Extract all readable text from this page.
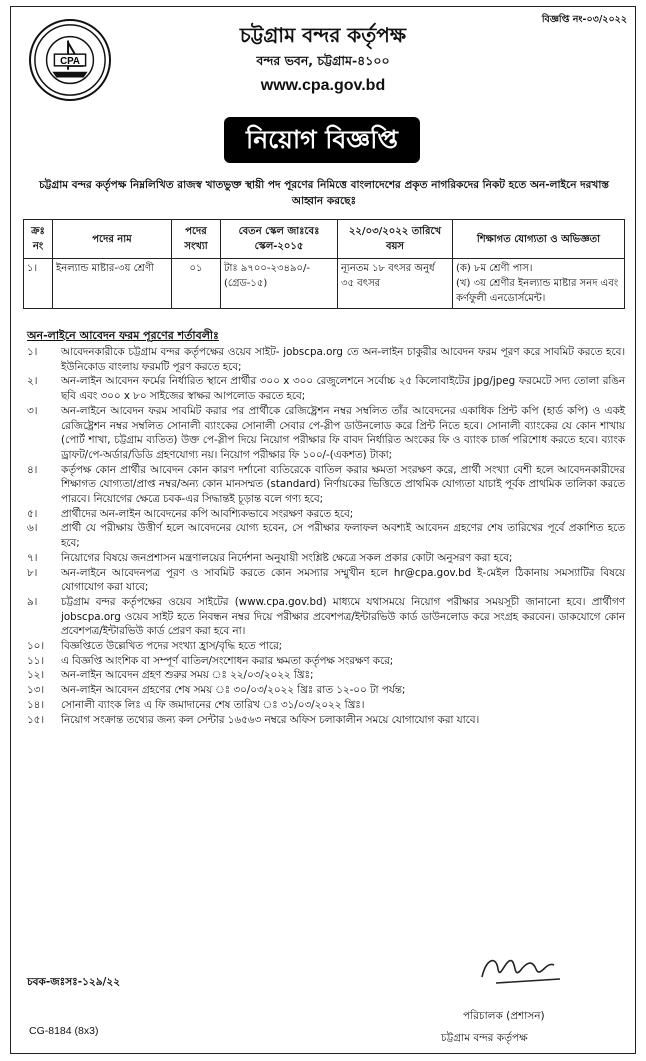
বিজ্ঞপ্তি নং-০৩/২০২২
CPA
চট্টগ্রাম বন্দর কর্তৃপক্ষ
বন্দর ভবন, চট্টগ্রাম-৪১০০
www.cpa.gov.bd
নিয়োগ বিজ্ঞপ্তি
চট্টগ্রাম বন্দর কর্তৃপক্ষ নিম্নলিখিত রাজস্ব খাতভুক্ত স্থায়ী পদ পূরণের নিমিত্তে বাংলাদেশের প্রকৃত নাগরিকদের নিকট হতে অন-লাইনে দরখাস্ত আহ্বান করছেঃ
ক্রঃ নং	পদের নাম	পদের সংখ্যা	বেতন স্কেল জাঃবেঃ স্কেল-২০১৫	২২/০৩/২০২২ তারিখে বয়স	শিক্ষাগত যোগ্যতা ও অভিজ্ঞতা
১।	ইনল্যান্ড মাষ্টার-৩য় শ্রেণী	০১	টাঃ ৯৭০০-২৩৪৯০/-(গ্রেড-১৫)	ন্যূনতম ১৮ বৎসর অনুর্ধ ৩৫ বৎসর	(ক) ৮ম শ্রেণী পাস।
(খ) ৩য় শ্রেণীর ইনল্যান্ড মাষ্টার সনদ এবং কর্ণফুলী এনডোর্সমেন্ট।
অন-লাইনে আবেদন ফরম পূরণের শর্তাবলীঃ
১।	আবেদনকারীকে চট্টগ্রাম বন্দর কর্তৃপক্ষের ওয়েব সাইট- jobscpa.org তে অন-লাইন চাকুরীর আবেদন ফরম পূরণ করে সাবমিট করতে হবে। ইউনিকোড বাংলায় ফরমটি পূরণ করতে হবে;
২।	অন-লাইন আবেদন ফর্মের নির্ধারিত স্থানে প্রার্থীর ৩০০ x ৩০০ রেজুলেশনে সর্বোচ্চ ২৫ কিলোবাইটের jpg/jpeg ফরমেটে সদ্য তোলা রঙিন ছবি এবং ৩০০ x ৮০ সাইজের স্বাক্ষর আপলোড করতে হবে;
৩।	অন-লাইনে আবেদন ফরম সাবমিট করার পর প্রার্থীকে রেজিষ্ট্রেশন নম্বর সম্বলিত তাঁর আবেদনের একাধিক প্রিন্ট কপি (হার্ড কপি) ও একই রেজিষ্ট্রেশন নম্বর সম্বলিত সোনালী ব্যাংকের সোনালী সেবার পে-স্লীপ ডাউনলোড করে প্রিন্ট নিতে হবে। সোনালী ব্যাংকের যে কোন শাখায় (পোর্ট শাখা, চট্টগ্রাম ব্যতিত) উক্ত পে-স্লীপ দিয়ে নিয়োগ পরীক্ষার ফি বাবদ নির্ধারিত অংকের ফি ও ব্যাংক চার্জ পরিশোধ করতে হবে। ব্যাংক ড্রাফট/পে-অর্ডার/ডিডি গ্রহণযোগ্য নয়। নিয়োগ পরীক্ষার ফি ১০০/-(একশত) টাকা;
৪।	কর্তৃপক্ষ কোন প্রার্থীর আবেদন কোন কারণ দর্শানো ব্যতিরেকে বাতিল করার ক্ষমতা সংরক্ষণ করে, প্রার্থী সংখ্যা বেশী হলে আবেদনকারীদের শিক্ষাগত যোগ্যতা/প্রাপ্ত নম্বর/অন্য কোন মানসম্মত (standard) নির্ণায়কের ভিত্তিতে প্রাথমিক যোগ্যতা যাচাই পূর্বক প্রাথমিক তালিকা করতে পারবে। নিয়োগের ক্ষেত্রে চবক-এর সিদ্ধান্তই চূড়ান্ত বলে গণ্য হবে;
৫।	প্রার্থীদের অন-লাইন আবেদনের কপি আবশ্যিকভাবে সংরক্ষণ করতে হবে;
৬।	প্রার্থী যে পরীক্ষায় উত্তীর্ণ হলে আবেদনের যোগ্য হবেন, সে পরীক্ষার ফলাফল অবশ্যই আবেদন গ্রহণের শেষ তারিখের পূর্বে প্রকাশিত হতে হবে;
৭।	নিয়োগের বিষয়ে জনপ্রশাসন মন্ত্রণালয়ের নির্দেশনা অনুযায়ী সংশ্লিষ্ট ক্ষেত্রে সকল প্রকার কোটা অনুসরণ করা হবে;
৮।	অন-লাইনে আবেদনপত্র পূরণ ও সাবমিট করতে কোন সমস্যার সম্মুখীন হলে hr@cpa.gov.bd ই-মেইল ঠিকানায় সমস্যাটির বিষয়ে যোগাযোগ করা যাবে;
৯।	চট্টগ্রাম বন্দর কর্তৃপক্ষের ওয়েব সাইটের (www.cpa.gov.bd) মাধ্যমে যথাসময়ে নিয়োগ পরীক্ষার সময়সূচী জানানো হবে। প্রার্থীগণ jobscpa.org ওয়েব সাইট হতে নিবন্ধন নম্বর দিয়ে পরীক্ষার প্রবেশপত্র/ইন্টারভিউ কার্ড ডাউনলোড করে সংগ্রহ করবেন। ডাকযোগে কোন প্রবেশপত্র/ইন্টারভিউ কার্ড প্রেরণ করা হবে না।
১০।	বিজ্ঞপ্তিতে উল্লেখিত পদের সংখ্যা হ্রাস/বৃদ্ধি হতে পারে;
১১।	এ বিজ্ঞপ্তি আংশিক বা সম্পূর্ণ বাতিল/সংশোধন করার ক্ষমতা কর্তৃপক্ষ সংরক্ষণ করে;
১২।	অন-লাইন আবেদন গ্রহণ শুরুর সময় ঃ ২২/০৩/২০২২ খ্রিঃ;
১৩।	অন-লাইন আবেদন গ্রহণের শেষ সময় ঃ ৩০/০৩/২০২২ খ্রিঃ রাত ১২-০০ টা পর্যন্ত;
১৪।	সোনালী ব্যাংক লিঃ এ ফি জমাদানের শেষ তারিখ ঃ ৩১/০৩/২০২২ খ্রিঃ।
১৫।	নিয়োগ সংক্রান্ত তথ্যের জন্য কল সেন্টার ১৬৫৬৩ নম্বরে অফিস চলাকালীন সময়ে যোগাযোগ করা যাবে।
চবক-জঃসঃ-১২৯/২২
CG-8184 (8x3)
পরিচালক (প্রশাসন)
চট্টগ্রাম বন্দর কর্তৃপক্ষ
